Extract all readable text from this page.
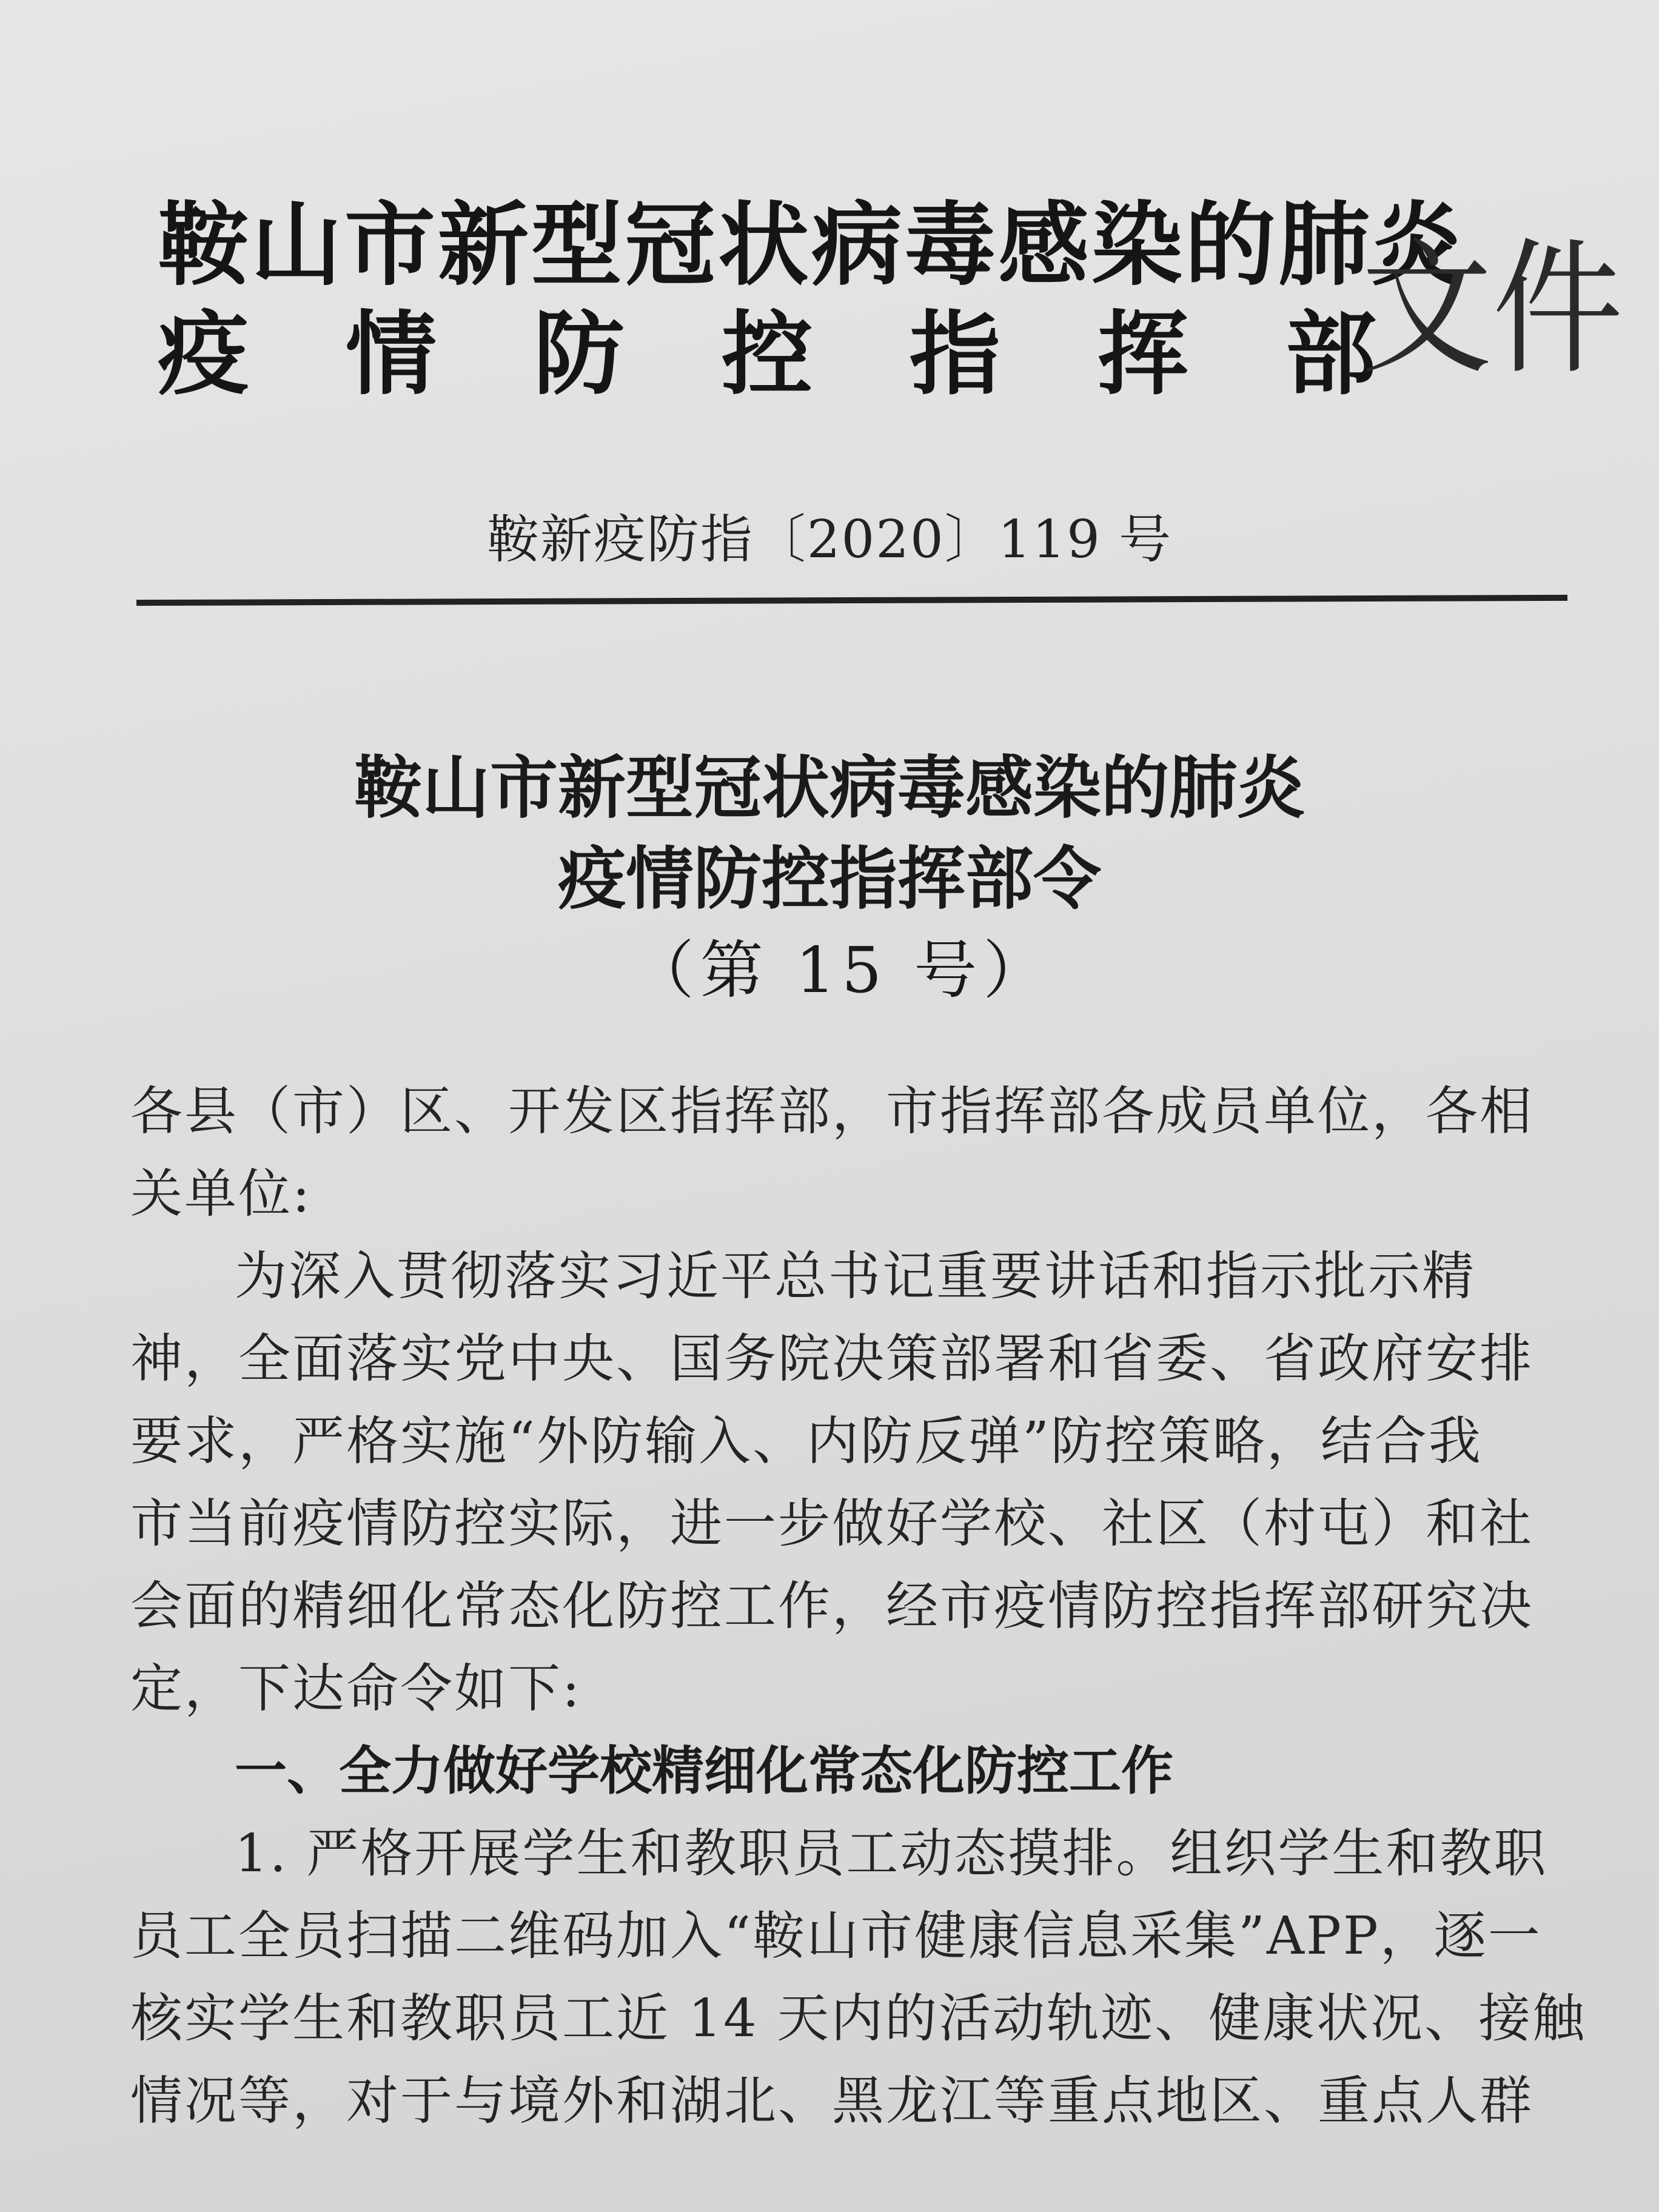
鞍山市新型冠状病毒感染的肺炎
疫情防控指挥部
文件
鞍新疫防指〔2020〕119 号
鞍山市新型冠状病毒感染的肺炎
疫情防控指挥部令
（第 15 号）

各县（市）区、开发区指挥部，市指挥部各成员单位，各相
关单位:

为深入贯彻落实习近平总书记重要讲话和指示批示精
神，全面落实党中央、国务院决策部署和省委、省政府安排
要求，严格实施“外防输入、内防反弹”防控策略，结合我
市当前疫情防控实际，进一步做好学校、社区（村屯）和社
会面的精细化常态化防控工作，经市疫情防控指挥部研究决
定，下达命令如下:

一、全力做好学校精细化常态化防控工作

1. 严格开展学生和教职员工动态摸排。组织学生和教职
员工全员扫描二维码加入“鞍山市健康信息采集”APP，逐一
核实学生和教职员工近 14 天内的活动轨迹、健康状况、接触
情况等，对于与境外和湖北、黑龙江等重点地区、重点人群
